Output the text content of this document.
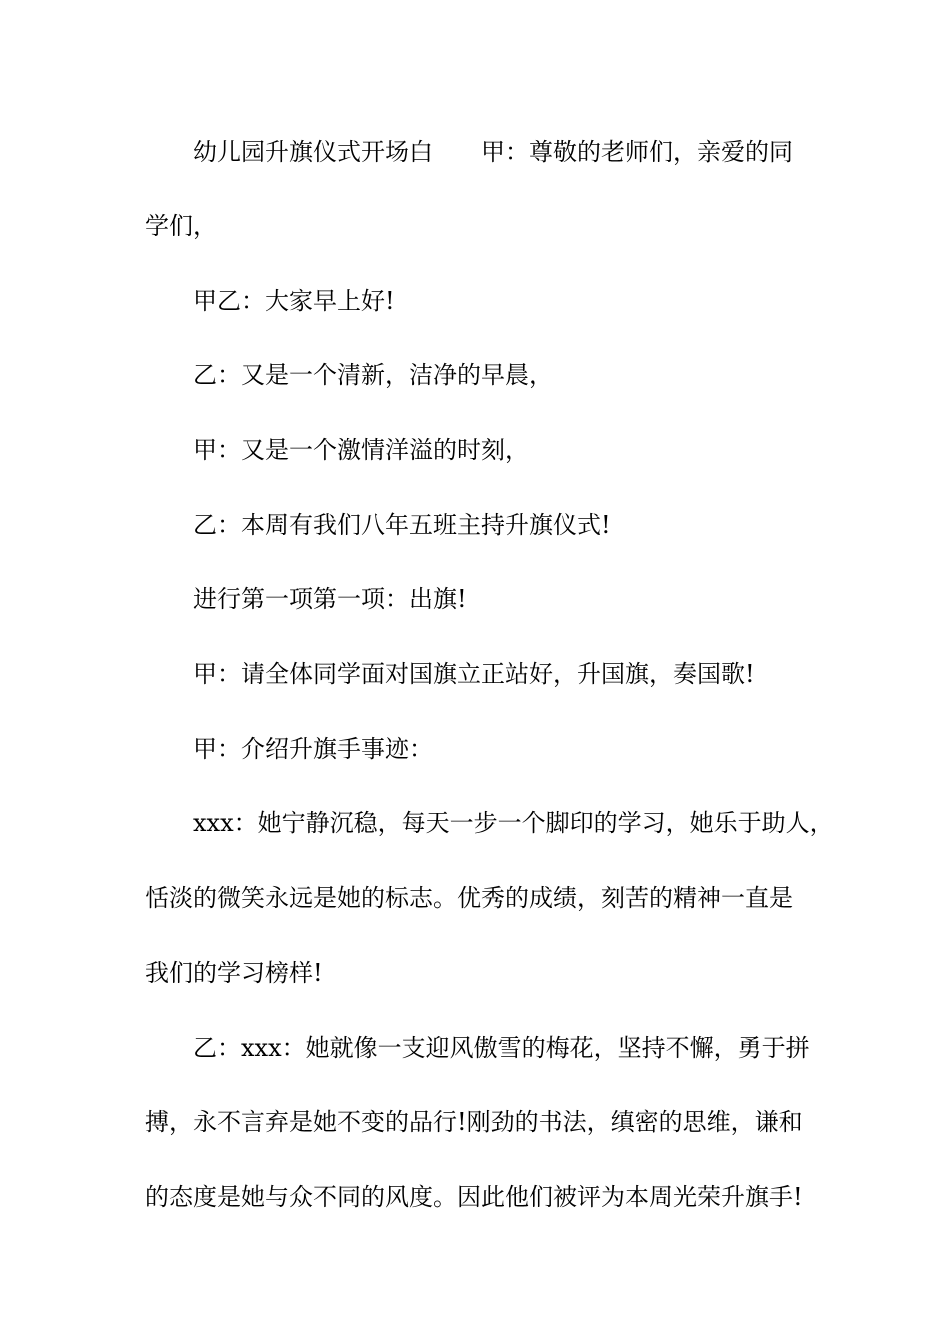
幼儿园升旗仪式开场白　　甲：尊敬的老师们，亲爱的同
学们，
甲乙：大家早上好!
乙：又是一个清新，洁净的早晨，
甲：又是一个激情洋溢的时刻，
乙：本周有我们八年五班主持升旗仪式!
进行第一项第一项：出旗!
甲：请全体同学面对国旗立正站好，升国旗，奏国歌!
甲：介绍升旗手事迹：
xxx：她宁静沉稳，每天一步一个脚印的学习，她乐于助人，
恬淡的微笑永远是她的标志。优秀的成绩，刻苦的精神一直是
我们的学习榜样!
乙：xxx：她就像一支迎风傲雪的梅花，坚持不懈，勇于拼
搏，永不言弃是她不变的品行!刚劲的书法，缜密的思维，谦和
的态度是她与众不同的风度。因此他们被评为本周光荣升旗手!
